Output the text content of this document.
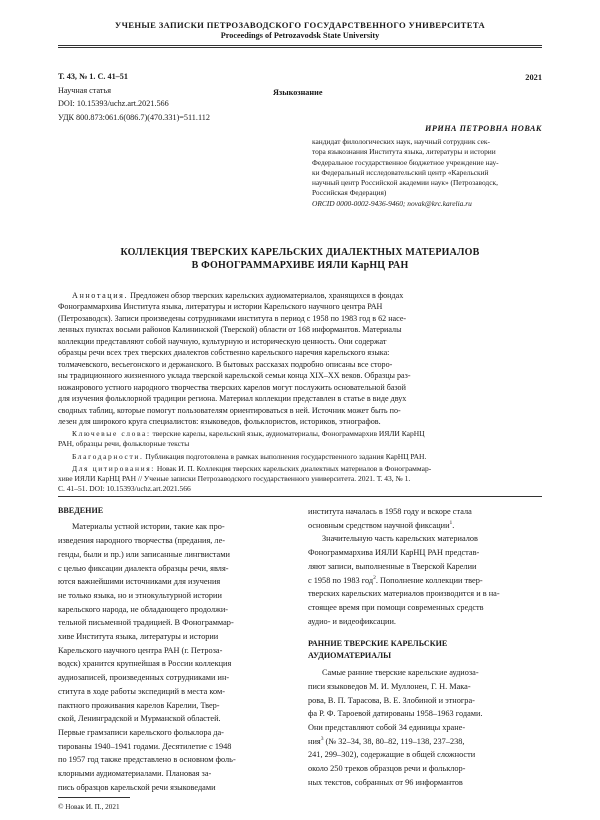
УЧЕНЫЕ ЗАПИСКИ ПЕТРОЗАВОДСКОГО ГОСУДАРСТВЕННОГО УНИВЕРСИТЕТА
Proceedings of Petrozavodsk State University
Т. 43, № 1. С. 41–51
Научная статья
DOI: 10.15393/uchz.art.2021.566
УДК 800.873:061.6(086.7)(470.331)=511.112
2021
Языкознание
ИРИНА ПЕТРОВНА НОВАК
кандидат филологических наук, научный сотрудник сек-
тора языкознания Института языка, литературы и истории
Федеральное государственное бюджетное учреждение нау-
ки Федеральный исследовательский центр «Карельский
научный центр Российской академии наук» (Петрозаводск,
Российская Федерация)
ORCID 0000-0002-9436-9460; novak@krc.karelia.ru
КОЛЛЕКЦИЯ ТВЕРСКИХ КАРЕЛЬСКИХ ДИАЛЕКТНЫХ МАТЕРИАЛОВ
В ФОНОГРАММАРХИВЕ ИЯЛИ КарНЦ РАН
Аннотация. Предложен обзор тверских карельских аудиоматериалов, хранящихся в фондах
Фонограммархива Института языка, литературы и истории Карельского научного центра РАН
(Петрозаводск). Записи произведены сотрудниками института в период с 1958 по 1983 год в 62 насе-
ленных пунктах восьми районов Калининской (Тверской) области от 168 информантов. Материалы
коллекции представляют собой научную, культурную и историческую ценность. Они содержат
образцы речи всех трех тверских диалектов собственно карельского наречия карельского языка:
толмачевского, весьегонского и держанского. В бытовых рассказах подробно описаны все сторо-
ны традиционного жизненного уклада тверской карельской семьи конца XIX–XX веков. Образцы раз-
ножанрового устного народного творчества тверских карелов могут послужить основательной базой
для изучения фольклорной традиции региона. Материал коллекции представлен в статье в виде двух
сводных таблиц, которые помогут пользователям ориентироваться в ней. Источник может быть по-
лезен для широкого круга специалистов: языковедов, фольклористов, историков, этнографов.
Ключевые слова: тверские карелы, карельский язык, аудиоматериалы, Фонограммархив ИЯЛИ КарНЦ
РАН, образцы речи, фольклорные тексты
Благодарности. Публикация подготовлена в рамках выполнения государственного задания КарНЦ РАН.
Для цитирования: Новак И. П. Коллекция тверских карельских диалектных материалов в Фонограммар-
хиве ИЯЛИ КарНЦ РАН // Ученые записки Петрозаводского государственного университета. 2021. Т. 43, № 1.
С. 41–51. DOI: 10.15393/uchz.art.2021.566
ВВЕДЕНИЕ
Материалы устной истории, такие как про-
изведения народного творчества (предания, ле-
генды, были и пр.) или записанные лингвистами
с целью фиксации диалекта образцы речи, явля-
ются важнейшими источниками для изучения
не только языка, но и этнокультурной истории
карельского народа, не обладающего продолжи-
тельной письменной традицией. В Фонограммар-
хиве Института языка, литературы и истории
Карельского научного центра РАН (г. Петроза-
водск) хранится крупнейшая в России коллекция
аудиозаписей, произведенных сотрудниками ин-
ститута в ходе работы экспедиций в места ком-
пактного проживания карелов Карелии, Твер-
ской, Ленинградской и Мурманской областей.
Первые грамзаписи карельского фольклора да-
тированы 1940–1941 годами. Десятилетие с 1948
по 1957 год также представлено в основном фоль-
клорными аудиоматериалами. Плановая за-
пись образцов карельской речи языковедами
института началась в 1958 году и вскоре стала
основным средством научной фиксации$^1$.
Значительную часть карельских материалов
Фонограммархива ИЯЛИ КарНЦ РАН представ-
ляют записи, выполненные в Тверской Карелии
с 1958 по 1983 год$^2$. Пополнение коллекции твер-
тверских карельских материалов производится и в на-
стоящее время при помощи современных средств
аудио- и видеофиксации.
РАННИЕ ТВЕРСКИЕ КАРЕЛЬСКИЕ
АУДИОМАТЕРИАЛЫ
Самые ранние тверские карельские аудиоза-
писи языковедов М. И. Муллонен, Г. Н. Мака-
рова, В. П. Тарасова, В. Е. Злобиной и этногра-
фа Р. Ф. Тароевой датированы 1958–1963 годами.
Они представляют собой 34 единицы хране-
ния$^3$ (№ 32–34, 38, 80–82, 119–138, 237–238,
241, 299–302), содержащие в общей сложности
около 250 треков образцов речи и фольклор-
ных текстов, собранных от 96 информантов
© Новак И. П., 2021
